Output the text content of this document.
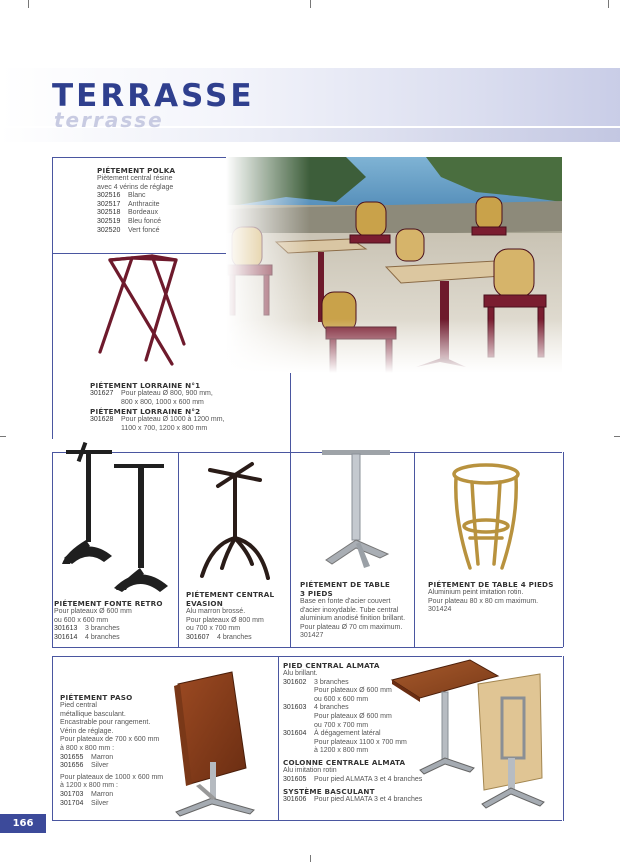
TERRASSE
terrasse
PIÉTEMENT POLKA
Piètement central résine
avec 4 vérins de réglage
302516 Blanc
302517 Anthracite
302518 Bordeaux
302519 Bleu foncé
302520 Vert foncé
PIÉTEMENT LORRAINE N°1
301627 Pour plateau Ø 800, 900 mm,
800 x 800, 1000 x 600 mm
PIÉTEMENT LORRAINE N°2
301628 Pour plateau Ø 1000 à 1200 mm,
1100 x 700, 1200 x 800 mm
PIÉTEMENT FONTE RETRO
Pour plateaux Ø 600 mm
ou 600 x 600 mm
301613 3 branches
301614 4 branches
PIÉTEMENT CENTRAL
EVASION
Alu marron brossé.
Pour plateaux Ø 800 mm
ou 700 x 700 mm
301607 4 branches
PIÉTEMENT DE TABLE
3 PIEDS
Base en fonte d'acier couvert
d'acier inoxydable. Tube central
aluminium anodisé finition brillant.
Pour plateau Ø 70 cm maximum.
301427
PIÉTEMENT DE TABLE 4 PIEDS
Aluminium peint imitation rotin.
Pour plateau 80 x 80 cm maximum.
301424
PIÉTEMENT PASO
Pied central
métallique basculant.
Encastrable pour rangement.
Vérin de réglage.
Pour plateaux de 700 x 600 mm
à 800 x 800 mm :
301655 Marron
301656 Silver
Pour plateaux de 1000 x 600 mm
à 1200 x 800 mm :
301703 Marron
301704 Silver
PIED CENTRAL ALMATA
Alu brillant.
301602 3 branches
Pour plateaux Ø 600 mm
ou 600 x 600 mm
301603 4 branches
Pour plateaux Ø 600 mm
ou 700 x 700 mm
301604 À dégagement latéral
Pour plateaux 1100 x 700 mm
à 1200 x 800 mm
COLONNE CENTRALE ALMATA
Alu imitation rotin
301605 Pour pied ALMATA 3 et 4 branches
SYSTÈME BASCULANT
301606 Pour pied ALMATA 3 et 4 branches
166
